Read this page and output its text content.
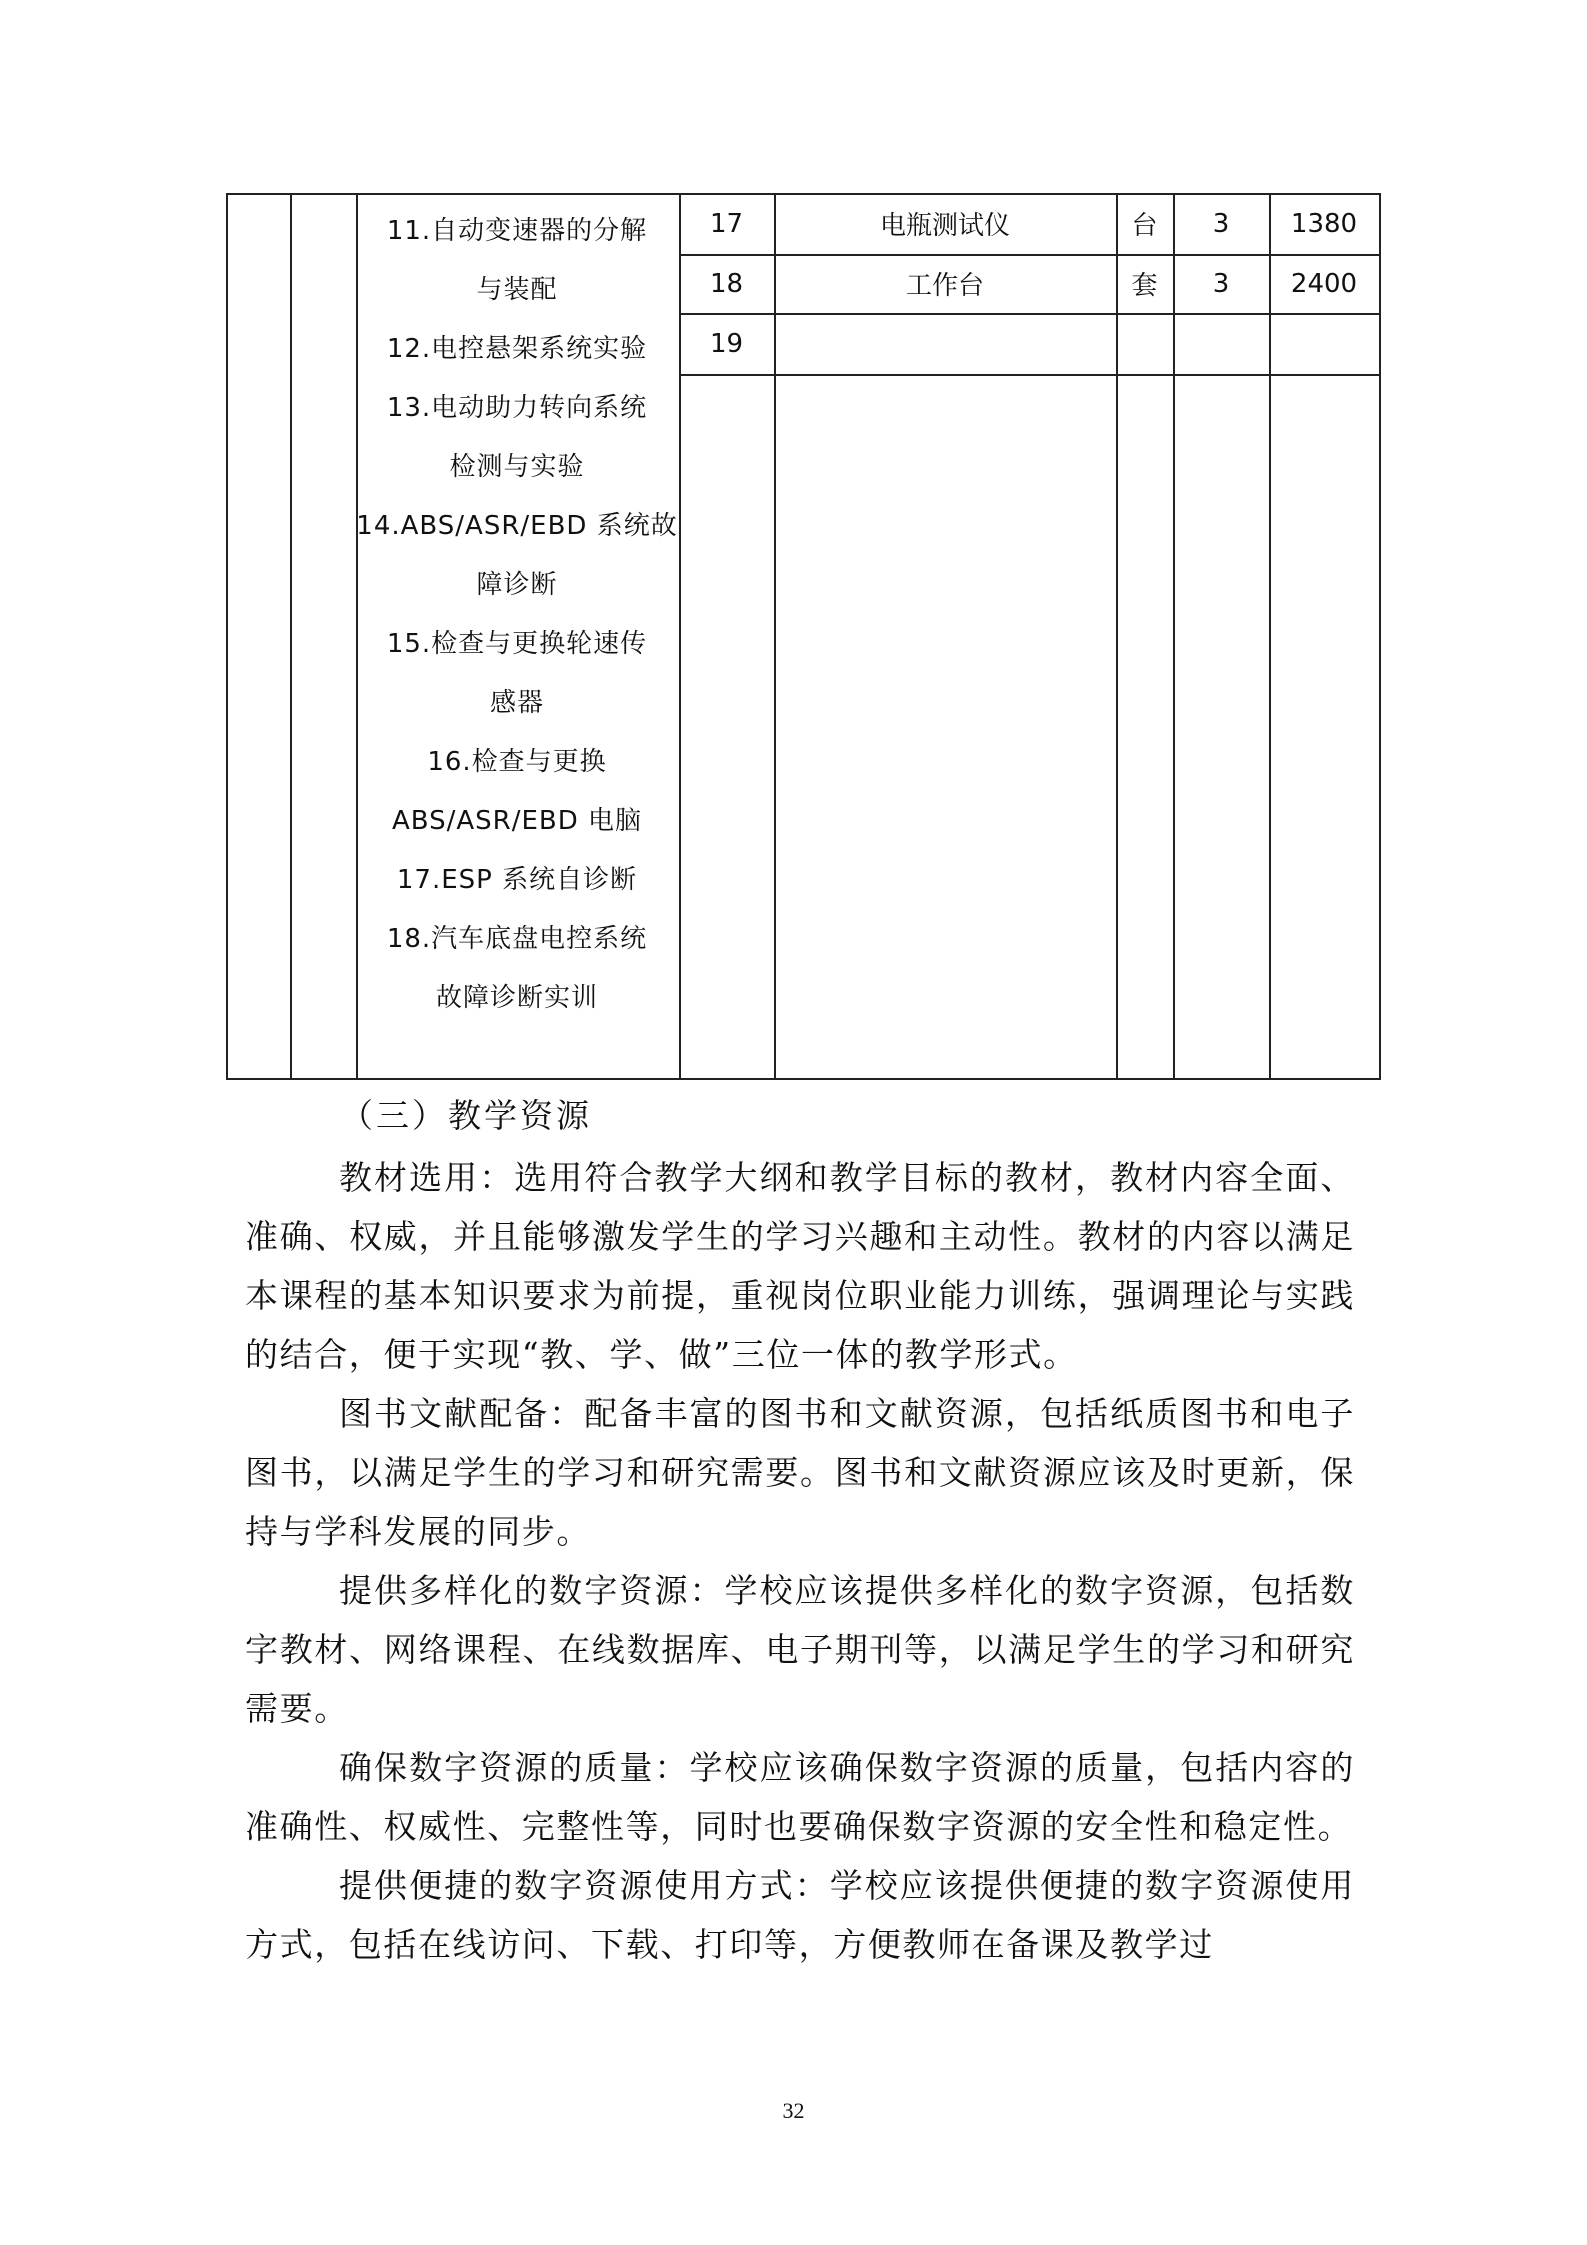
17	电瓶测试仪	台	3	1380
18	工作台	套	3	2400
19
11.自动变速器的分解
与装配
12.电控悬架系统实验
13.电动助力转向系统
检测与实验
14.ABS/ASR/EBD 系统故
障诊断
15.检查与更换轮速传
感器
16.检查与更换
ABS/ASR/EBD 电脑
17.ESP 系统自诊断
18.汽车底盘电控系统
故障诊断实训
（三）教学资源

教材选用：选用符合教学大纲和教学目标的教材，教材内容全面、准确、权威，并且能够激发学生的学习兴趣和主动性。教材的内容以满足本课程的基本知识要求为前提，重视岗位职业能力训练，强调理论与实践的结合，便于实现“教、学、做”三位一体的教学形式。

图书文献配备：配备丰富的图书和文献资源，包括纸质图书和电子图书，以满足学生的学习和研究需要。图书和文献资源应该及时更新，保持与学科发展的同步。

提供多样化的数字资源：学校应该提供多样化的数字资源，包括数字教材、网络课程、在线数据库、电子期刊等，以满足学生的学习和研究需要。

确保数字资源的质量：学校应该确保数字资源的质量，包括内容的准确性、权威性、完整性等，同时也要确保数字资源的安全性和稳定性。

提供便捷的数字资源使用方式：学校应该提供便捷的数字资源使用方式，包括在线访问、下载、打印等，方便教师在备课及教学过

32
